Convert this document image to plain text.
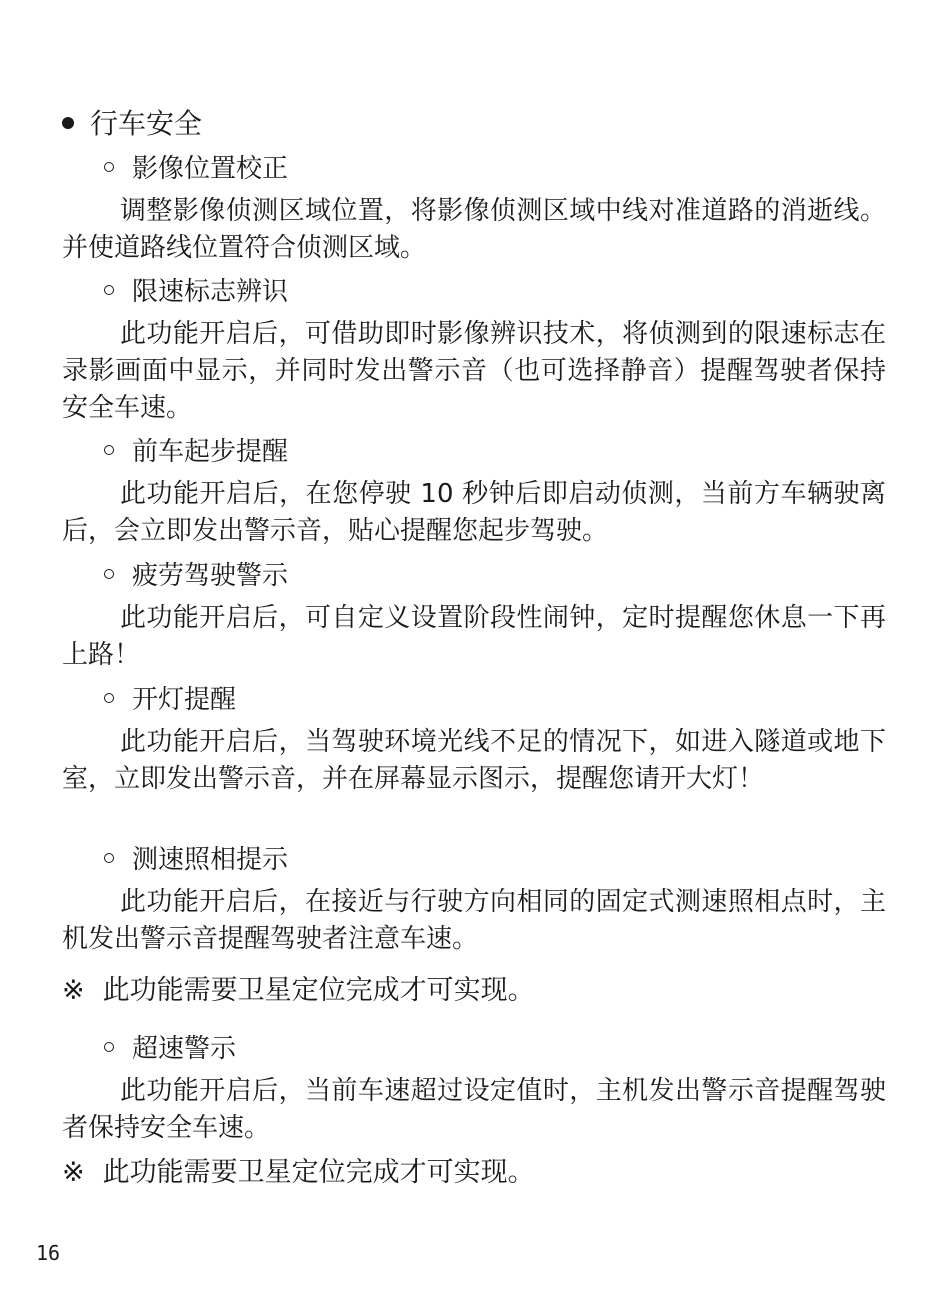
行车安全
影像位置校正
调整影像侦测区域位置，将影像侦测区域中线对准道路的消逝线。并使道路线位置符合侦测区域。
限速标志辨识
此功能开启后，可借助即时影像辨识技术，将侦测到的限速标志在录影画面中显示，并同时发出警示音（也可选择静音）提醒驾驶者保持安全车速。
前车起步提醒
此功能开启后，在您停驶 10 秒钟后即启动侦测，当前方车辆驶离后，会立即发出警示音，贴心提醒您起步驾驶。
疲劳驾驶警示
此功能开启后，可自定义设置阶段性闹钟，定时提醒您休息一下再上路！
开灯提醒
此功能开启后，当驾驶环境光线不足的情况下，如进入隧道或地下室，立即发出警示音，并在屏幕显示图示，提醒您请开大灯！
测速照相提示
此功能开启后，在接近与行驶方向相同的固定式测速照相点时，主机发出警示音提醒驾驶者注意车速。
※ 此功能需要卫星定位完成才可实现。
超速警示
此功能开启后，当前车速超过设定值时，主机发出警示音提醒驾驶者保持安全车速。
※ 此功能需要卫星定位完成才可实现。
16
